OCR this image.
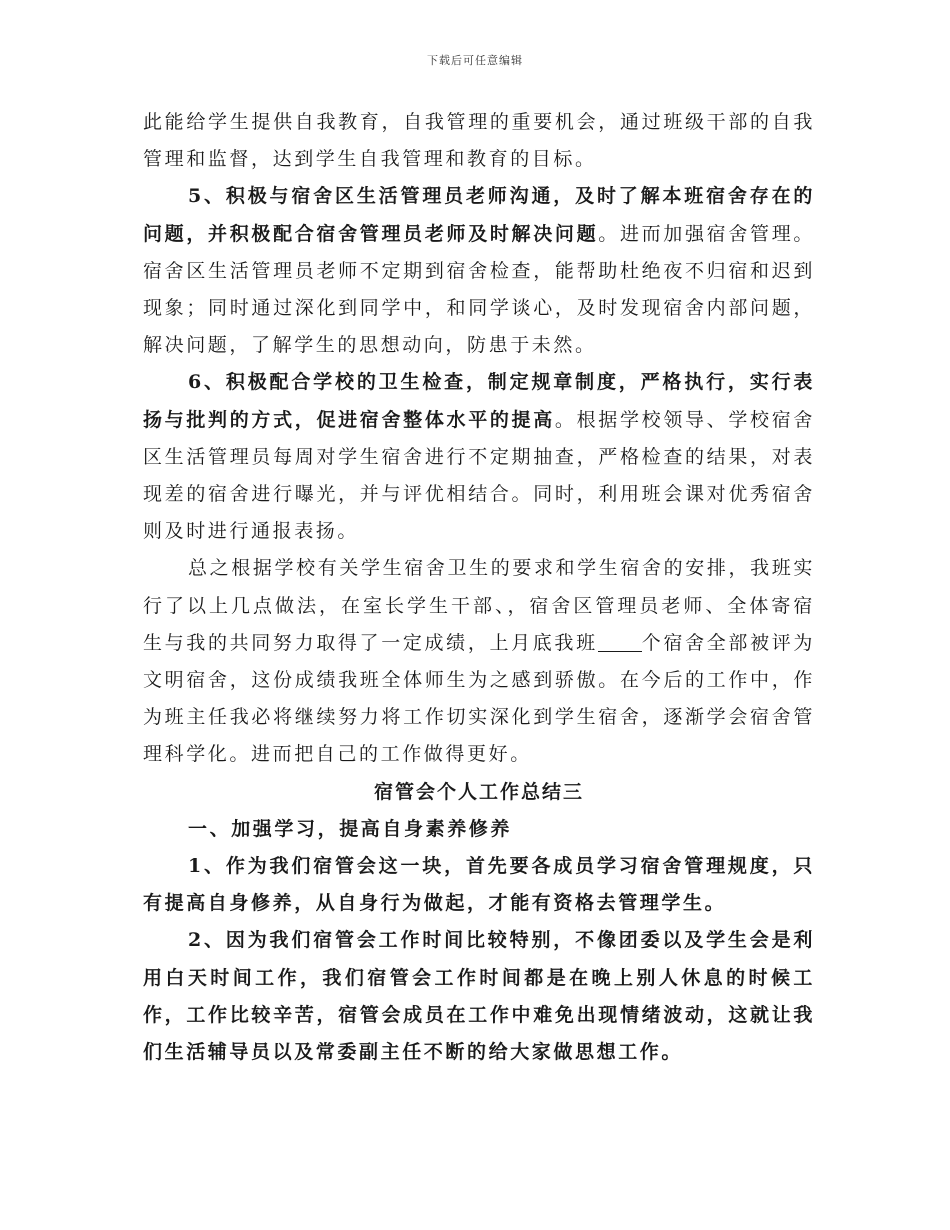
下载后可任意编辑

此能给学生提供自我教育，自我管理的重要机会，通过班级干部的自我管理和监督，达到学生自我管理和教育的目标。

5、积极与宿舍区生活管理员老师沟通，及时了解本班宿舍存在的问题，并积极配合宿舍管理员老师及时解决问题。进而加强宿舍管理。宿舍区生活管理员老师不定期到宿舍检查，能帮助杜绝夜不归宿和迟到现象；同时通过深化到同学中，和同学谈心，及时发现宿舍内部问题，解决问题，了解学生的思想动向，防患于未然。

6、积极配合学校的卫生检查，制定规章制度，严格执行，实行表扬与批判的方式，促进宿舍整体水平的提高。根据学校领导、学校宿舍区生活管理员每周对学生宿舍进行不定期抽查，严格检查的结果，对表现差的宿舍进行曝光，并与评优相结合。同时，利用班会课对优秀宿舍则及时进行通报表扬。

总之根据学校有关学生宿舍卫生的要求和学生宿舍的安排，我班实行了以上几点做法，在室长学生干部、，宿舍区管理员老师、全体寄宿生与我的共同努力取得了一定成绩，上月底我班 个宿舍全部被评为文明宿舍，这份成绩我班全体师生为之感到骄傲。在今后的工作中，作为班主任我必将继续努力将工作切实深化到学生宿舍，逐渐学会宿舍管理科学化。进而把自己的工作做得更好。

宿管会个人工作总结三

一、加强学习，提高自身素养修养

1、作为我们宿管会这一块，首先要各成员学习宿舍管理规度，只有提高自身修养，从自身行为做起，才能有资格去管理学生。

2、因为我们宿管会工作时间比较特别，不像团委以及学生会是利用白天时间工作，我们宿管会工作时间都是在晚上别人休息的时候工作，工作比较辛苦，宿管会成员在工作中难免出现情绪波动，这就让我们生活辅导员以及常委副主任不断的给大家做思想工作。
